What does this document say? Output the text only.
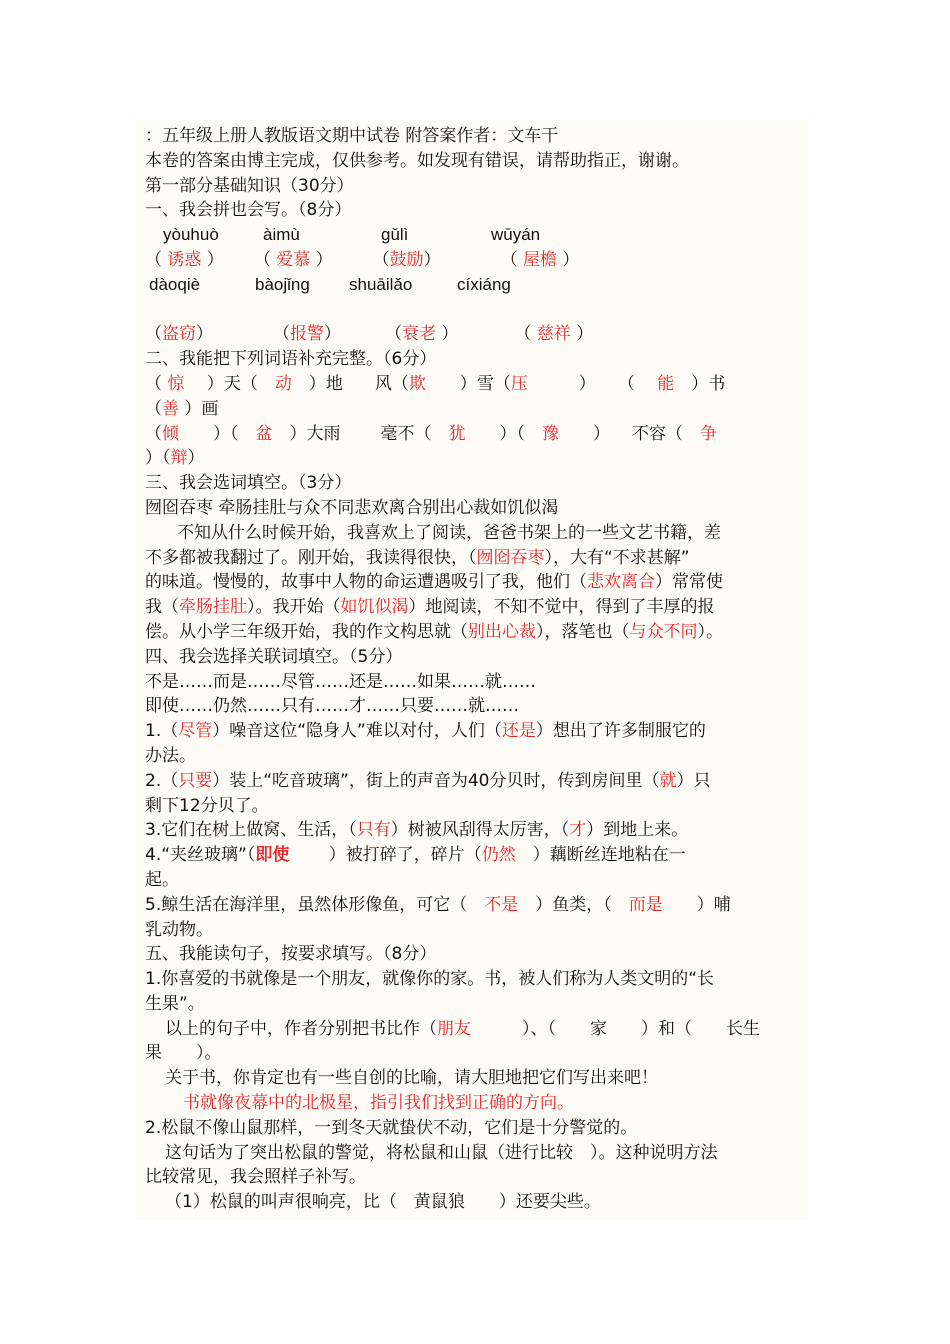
：五年级上册人教版语文期中试卷 附答案作者：文车干
本卷的答案由博主完成，仅供参考。如发现有错误，请帮助指正，谢谢。
第一部分基础知识（30分）
一、我会拼也会写。（8分）
yòuhuò	àimù	gǔlì	wūyán
（ 诱惑 ） （ 爱慕 ） （鼓励）	（ 屋檐 ）
dàoqiè	bàojǐng shuāilǎo	cíxiáng
（盗窃）	（报警）	（衰老 ）	（ 慈祥 ）
二、我能把下列词语补充完整。（6分）
（ 惊　 ）天（　动　）地 风（欺　　）雪（压　　　） （　 能　）书
（善 ）画
（倾　　）（　盆　）大雨 毫不（　犹　　）（　豫　　） 不容（　争
）（辩）
三、我会选词填空。（3分）
囫囵吞枣 牵肠挂肚与众不同悲欢离合别出心裁如饥似渴
不知从什么时候开始，我喜欢上了阅读，爸爸书架上的一些文艺书籍，差
不多都被我翻过了。刚开始，我读得很快，（囫囵吞枣），大有“不求甚解”
的味道。慢慢的，故事中人物的命运遭遇吸引了我，他们（悲欢离合）常常使
我（牵肠挂肚）。我开始（如饥似渴）地阅读，不知不觉中，得到了丰厚的报
偿。从小学三年级开始，我的作文构思就（别出心裁），落笔也（与众不同）。
四、我会选择关联词填空。（5分）
不是……而是……尽管……还是……如果……就……
即使……仍然……只有……才……只要……就……
1.（尽管）噪音这位“隐身人”难以对付，人们（还是）想出了许多制服它的
办法。
2.（只要）装上“吃音玻璃”，街上的声音为40分贝时，传到房间里（就）只
剩下12分贝了。
3.它们在树上做窝、生活，（只有）树被风刮得太厉害，（才）到地上来。
4.“夹丝玻璃”（即使　　 ）被打碎了，碎片（仍然　 ）藕断丝连地粘在一
起。
5.鲸生活在海洋里，虽然体形像鱼，可它（　 不是　 ）鱼类，（　 而是　　 ）哺
乳动物。
五、我能读句子，按要求填写。（8分）
1.你喜爱的书就像是一个朋友，就像你的家。书，被人们称为人类文明的“长
生果”。
以上的句子中，作者分别把书比作（朋友　　　	）、（　　 家　　 ）和（　　 长生
果　　 ）。
关于书，你肯定也有一些自创的比喻，请大胆地把它们写出来吧！
书就像夜幕中的北极星，指引我们找到正确的方向。
2.松鼠不像山鼠那样，一到冬天就蛰伏不动，它们是十分警觉的。
这句话为了突出松鼠的警觉，将松鼠和山鼠（进行比较　 ）。这种说明方法
比较常见，我会照样子补写。
（1）松鼠的叫声很响亮，比（　 黄鼠狼　　 ）还要尖些。
